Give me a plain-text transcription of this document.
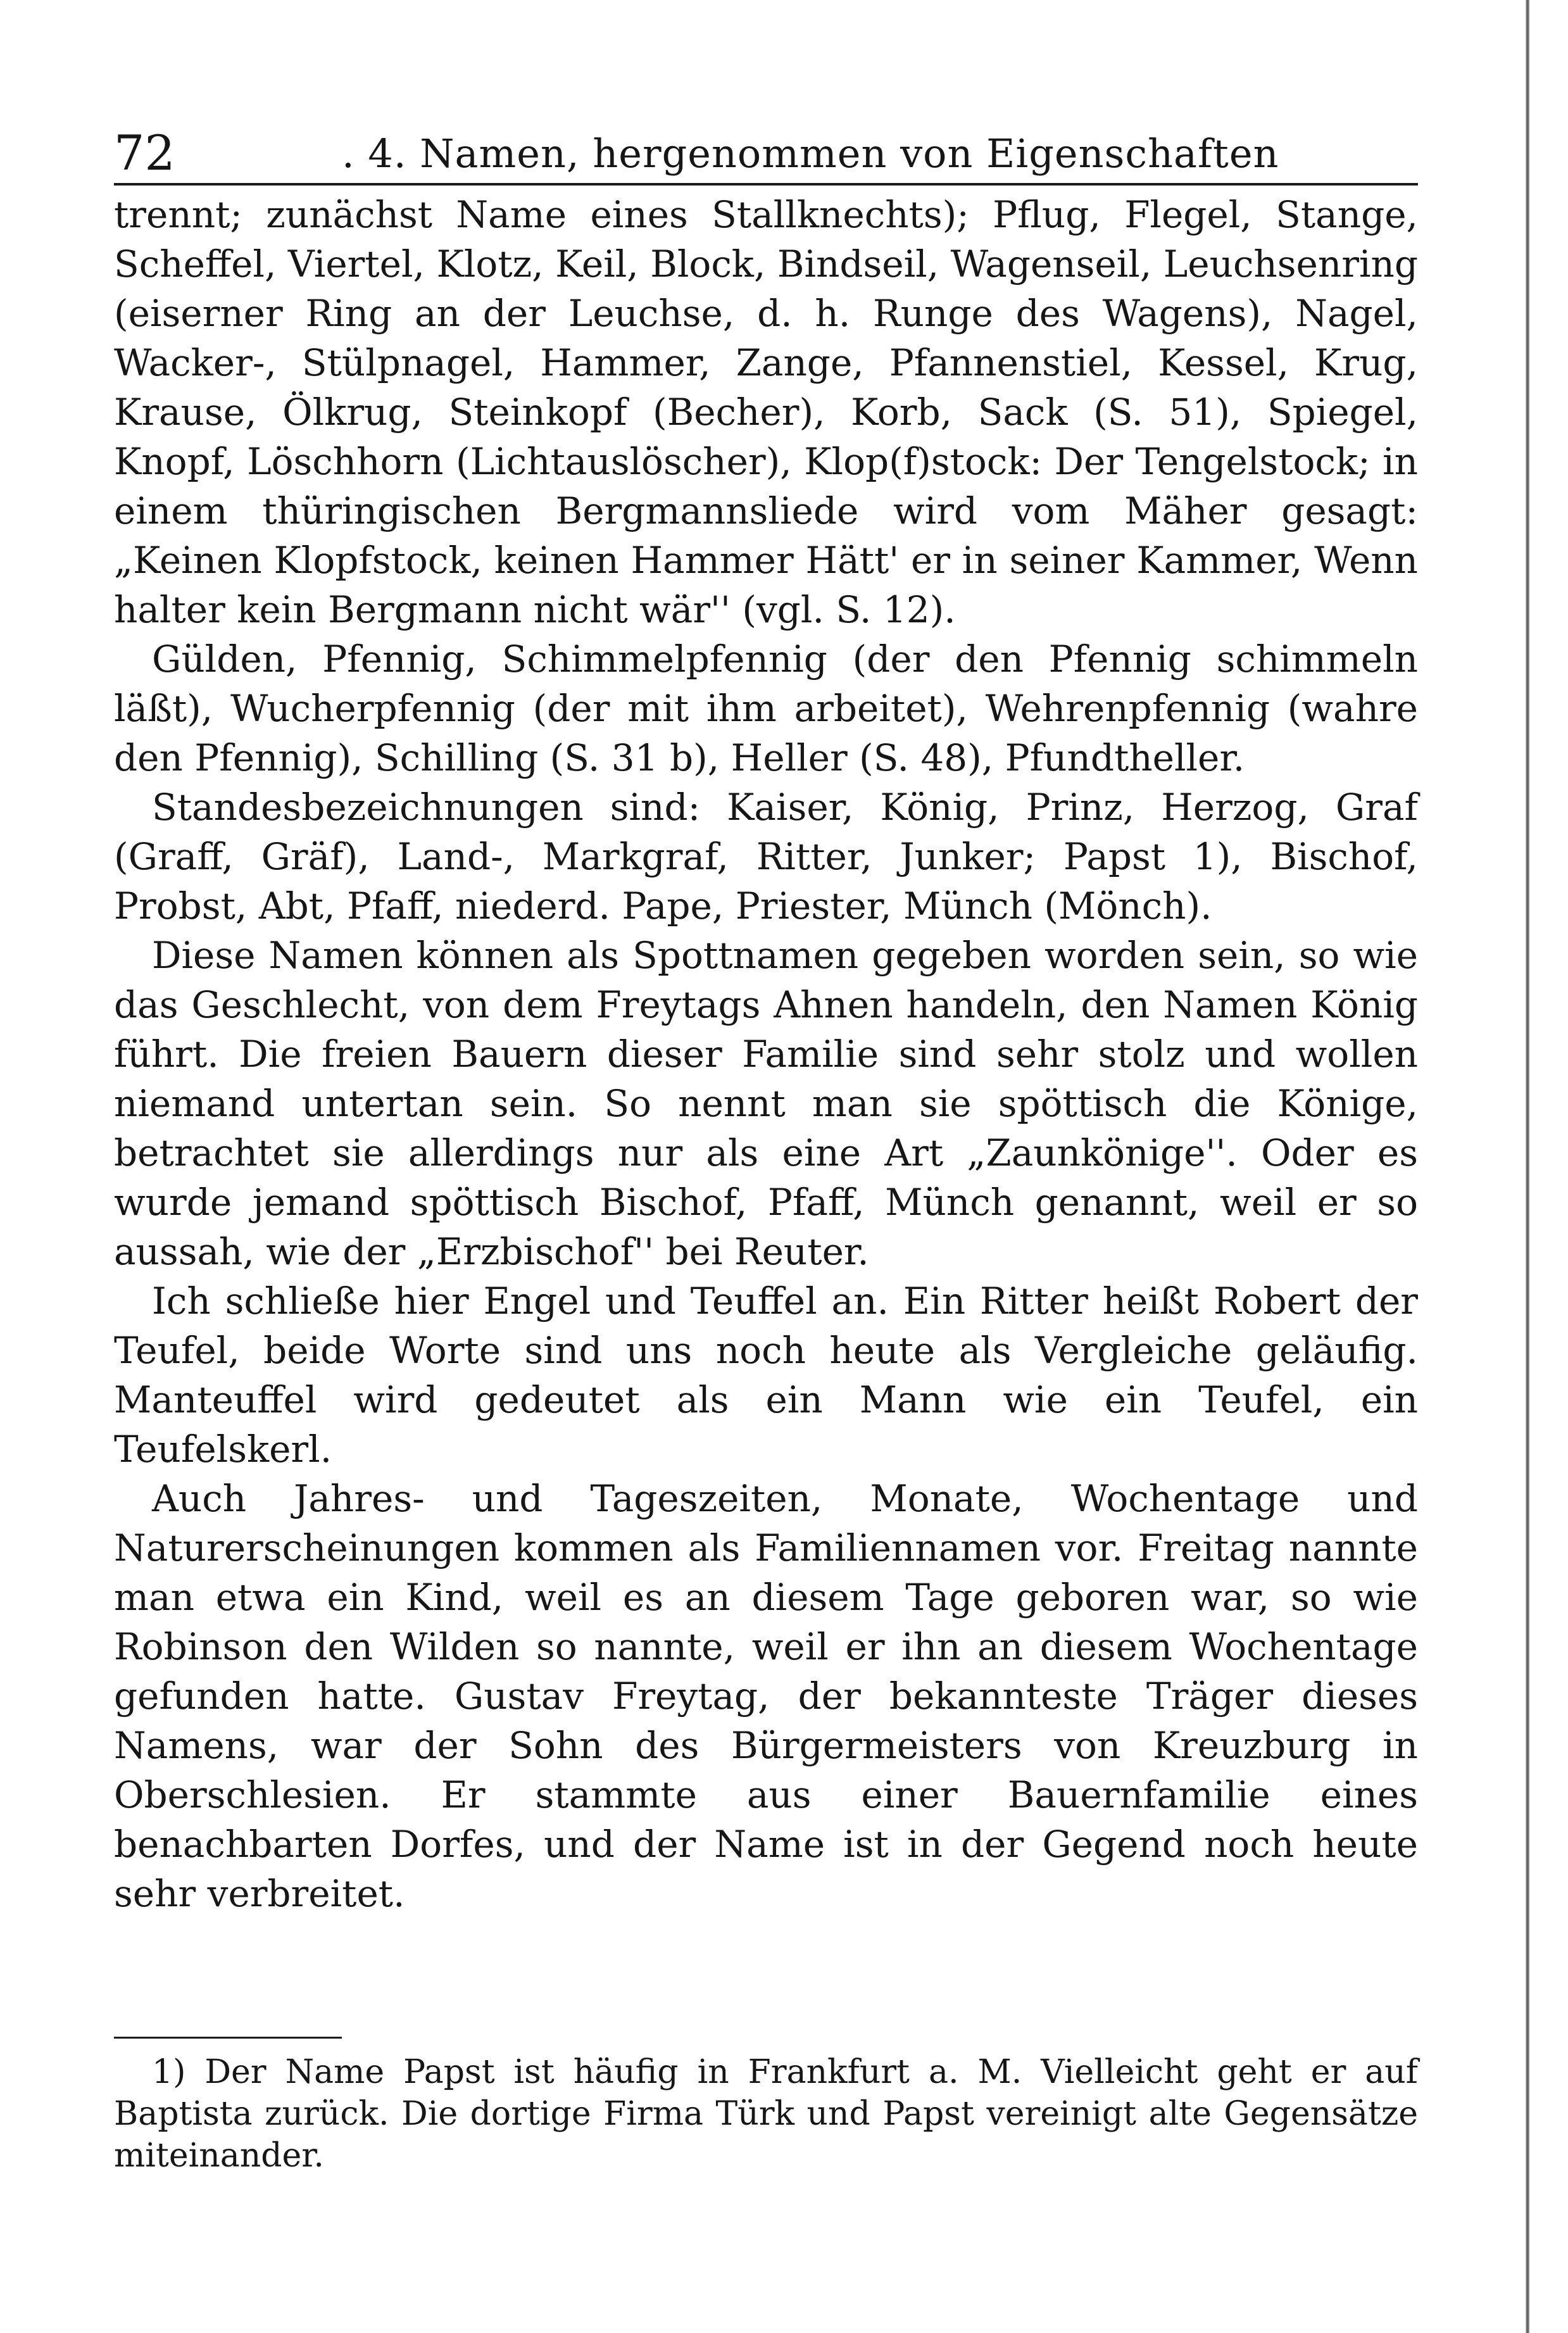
72	. 4. Namen, hergenommen von Eigenschaften

trennt; zunächst Name eines Stallknechts); Pflug, Flegel, Stange, Scheffel, Viertel, Klotz, Keil, Block, Bindseil, Wagenseil, Leuchsenring (eiserner Ring an der Leuchse, d. h. Runge des Wagens), Nagel, Wacker-, Stülpnagel, Hammer, Zange, Pfannenstiel, Kessel, Krug, Krause, Ölkrug, Steinkopf (Becher), Korb, Sack (S. 51), Spiegel, Knopf, Löschhorn (Lichtauslöscher), Klop(f)stock: Der Tengelstock; in einem thüringischen Bergmannsliede wird vom Mäher gesagt: „Keinen Klopfstock, keinen Hammer Hätt' er in seiner Kammer, Wenn halter kein Bergmann nicht wär'' (vgl. S. 12).

Gülden, Pfennig, Schimmelpfennig (der den Pfennig schimmeln läßt), Wucherpfennig (der mit ihm arbeitet), Wehrenpfennig (wahre den Pfennig), Schilling (S. 31 b), Heller (S. 48), Pfundtheller.

Standesbezeichnungen sind: Kaiser, König, Prinz, Herzog, Graf (Graff, Gräf), Land-, Markgraf, Ritter, Junker; Papst 1), Bischof, Probst, Abt, Pfaff, niederd. Pape, Priester, Münch (Mönch).

Diese Namen können als Spottnamen gegeben worden sein, so wie das Geschlecht, von dem Freytags Ahnen handeln, den Namen König führt. Die freien Bauern dieser Familie sind sehr stolz und wollen niemand untertan sein. So nennt man sie spöttisch die Könige, betrachtet sie allerdings nur als eine Art „Zaunkönige''. Oder es wurde jemand spöttisch Bischof, Pfaff, Münch genannt, weil er so aussah, wie der „Erzbischof'' bei Reuter.

Ich schließe hier Engel und Teuffel an. Ein Ritter heißt Robert der Teufel, beide Worte sind uns noch heute als Vergleiche geläufig. Manteuffel wird gedeutet als ein Mann wie ein Teufel, ein Teufelskerl.

Auch Jahres- und Tageszeiten, Monate, Wochentage und Naturerscheinungen kommen als Familiennamen vor. Freitag nannte man etwa ein Kind, weil es an diesem Tage geboren war, so wie Robinson den Wilden so nannte, weil er ihn an diesem Wochentage gefunden hatte. Gustav Freytag, der bekannteste Träger dieses Namens, war der Sohn des Bürgermeisters von Kreuzburg in Oberschlesien. Er stammte aus einer Bauernfamilie eines benachbarten Dorfes, und der Name ist in der Gegend noch heute sehr verbreitet.

1) Der Name Papst ist häufig in Frankfurt a. M. Vielleicht geht er auf Baptista zurück. Die dortige Firma Türk und Papst vereinigt alte Gegensätze miteinander.
